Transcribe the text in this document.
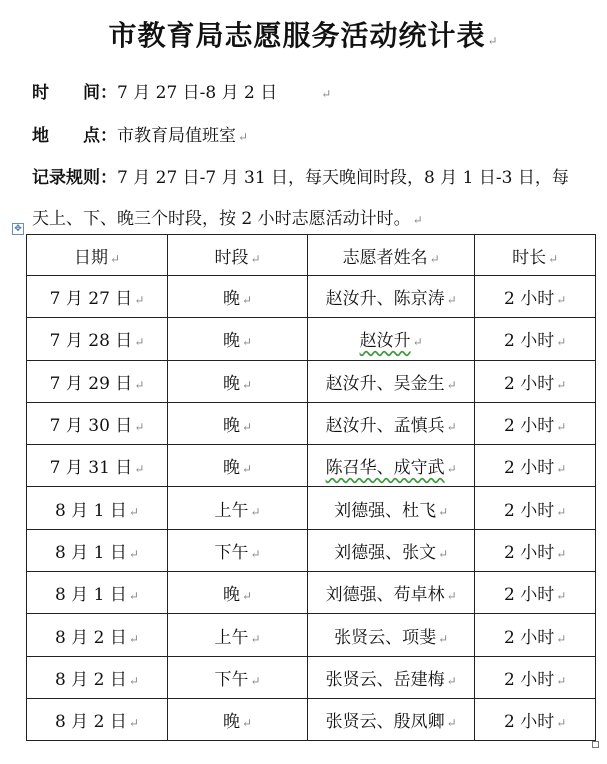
市教育局志愿服务活动统计表 ↵
时　　间：7 月 27 日-8 月 2 日	↵
地　　点：市教育局值班室 ↵
记录规则：7 月 27 日-7 月 31 日，每天晚间时段，8 月 1 日-3 日，每
天上、下、晚三个时段，按 2 小时志愿活动计时。 ↵
✥
日期 ↵	时段 ↵	志愿者姓名 ↵	时长 ↵
7 月 27 日 ↵	晚 ↵	赵汝升、陈京涛 ↵	2 小时 ↵
7 月 28 日 ↵	晚 ↵	赵汝升 ↵	2 小时 ↵
7 月 29 日 ↵	晚 ↵	赵汝升、吴金生 ↵	2 小时 ↵
7 月 30 日 ↵	晚 ↵	赵汝升、孟慎兵 ↵	2 小时 ↵
7 月 31 日 ↵	晚 ↵	陈召华、成守武 ↵	2 小时 ↵
8 月 1 日 ↵	上午 ↵	刘德强、杜飞 ↵	2 小时 ↵
8 月 1 日 ↵	下午 ↵	刘德强、张文 ↵	2 小时 ↵
8 月 1 日 ↵	晚 ↵	刘德强、苟卓林 ↵	2 小时 ↵
8 月 2 日 ↵	上午 ↵	张贤云、项斐 ↵	2 小时 ↵
8 月 2 日 ↵	下午 ↵	张贤云、岳建梅 ↵	2 小时 ↵
8 月 2 日 ↵	晚 ↵	张贤云、殷凤卿 ↵	2 小时 ↵
